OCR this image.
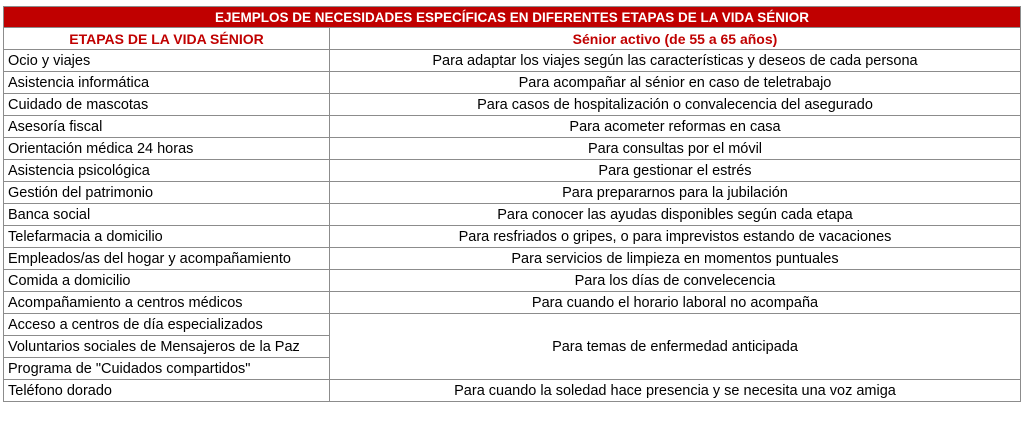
EJEMPLOS DE NECESIDADES ESPECÍFICAS EN DIFERENTES ETAPAS DE LA VIDA SÉNIOR	
ETAPAS DE LA VIDA SÉNIOR	Sénior activo (de 55 a 65 años)
Ocio y viajes	Para adaptar los viajes según las características y deseos de cada persona
Asistencia informática	Para acompañar al sénior en caso de teletrabajo
Cuidado de mascotas	Para casos de hospitalización o convalecencia del asegurado
Asesoría fiscal	Para acometer reformas en casa
Orientación médica 24 horas	Para consultas por el móvil
Asistencia psicológica	Para gestionar el estrés
Gestión del patrimonio	Para prepararnos para la jubilación
Banca social	Para conocer las ayudas disponibles según cada etapa
Telefarmacia a domicilio	Para resfriados o gripes, o para imprevistos estando de vacaciones
Empleados/as del hogar y acompañamiento	Para servicios de limpieza en momentos puntuales
Comida a domicilio	Para los días de convelecencia
Acompañamiento a centros médicos	Para cuando el horario laboral no acompaña
Acceso a centros de día especializados	Para temas de enfermedad anticipada
Voluntarios sociales de Mensajeros de la Paz	
Programa de "Cuidados compartidos"	
Teléfono dorado	Para cuando la soledad hace presencia y se necesita una voz amiga
